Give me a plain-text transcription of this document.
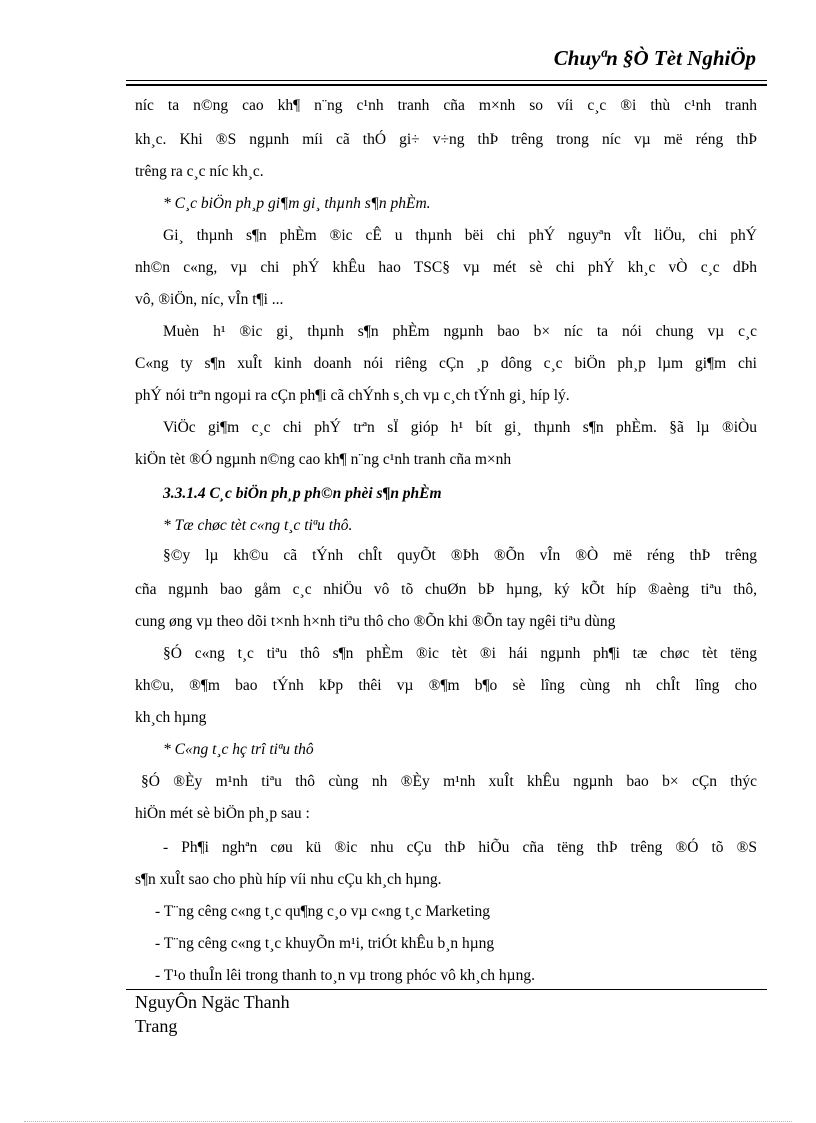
Chuyªn §Ò Tèt NghiÖp
níc ta n©ng cao kh¶ n¨ng c¹nh tranh cña m×nh so víi c¸c ®i thù c¹nh tranh
kh¸c. Khi ®S ngµnh míi cã thÓ gi÷ v÷ng thÞ trêng trong níc vµ më réng thÞ
trêng ra c¸c níc kh¸c.
* C¸c biÖn ph¸p gi¶m gi¸ thµnh s¶n phÈm.
Gi¸ thµnh s¶n phÈm ®ic cÊ u thµnh bëi chi phÝ nguyªn vÎt liÖu, chi phÝ
nh©n c«ng, vµ chi phÝ khÊu hao TSC§ vµ mét sè chi phÝ kh¸c vÒ c¸c dÞh
vô, ®iÖn, níc, vÎn t¶i ...
Muèn h¹ ®ic gi¸ thµnh s¶n phÈm ngµnh bao b× níc ta nói chung vµ c¸c
C«ng ty s¶n xuÎt kinh doanh nói riêng cÇn ¸p dông c¸c biÖn ph¸p lµm gi¶m chi
phÝ nói trªn ngoµi ra cÇn ph¶i cã chÝnh s¸ch vµ c¸ch tÝnh gi¸ híp lý.
ViÖc gi¶m c¸c chi phÝ trªn sÏ gióp h¹ bít gi¸ thµnh s¶n phÈm. §ã lµ ®iÒu
kiÖn tèt ®Ó ngµnh n©ng cao kh¶ n¨ng c¹nh tranh cña m×nh
3.3.1.4 C¸c biÖn ph¸p ph©n phèi s¶n phÈm
* Tæ chøc tèt c«ng t¸c tiªu thô.
§©y lµ kh©u cã tÝnh chÎt quyÕt ®Þh ®Õn vÎn ®Ò më réng thÞ trêng
cña ngµnh bao gåm c¸c nhiÖu vô tõ chuØn bÞ hµng, ký kÕt híp ®aèng tiªu thô,
cung øng vµ theo dõi t×nh h×nh tiªu thô cho ®Õn khi ®Õn tay ngêi tiªu dùng
§Ó c«ng t¸c tiªu thô s¶n phÈm ®ic tèt ®i hái ngµnh ph¶i tæ chøc tèt tëng
kh©u, ®¶m bao tÝnh kÞp thêi vµ ®¶m b¶o sè lîng cùng nh chÎt lîng cho
kh¸ch hµng
* C«ng t¸c hç trî tiªu thô
§Ó ®Èy m¹nh tiªu thô cùng nh ®Èy m¹nh xuÎt khÊu ngµnh bao b× cÇn thýc
hiÖn mét sè biÖn ph¸p sau :
- Ph¶i nghªn cøu kü ®ic nhu cÇu thÞ hiÕu cña tëng thÞ trêng ®Ó tõ ®S
s¶n xuÎt sao cho phù híp víi nhu cÇu kh¸ch hµng.
- T¨ng cêng c«ng t¸c qu¶ng c¸o vµ c«ng t¸c Marketing
- T¨ng cêng c«ng t¸c khuyÕn m¹i, triÓt khÊu b¸n hµng
- T¹o thuÎn lêi trong thanh to¸n vµ trong phóc vô kh¸ch hµng.
NguyÔn Ngäc Thanh
Trang
